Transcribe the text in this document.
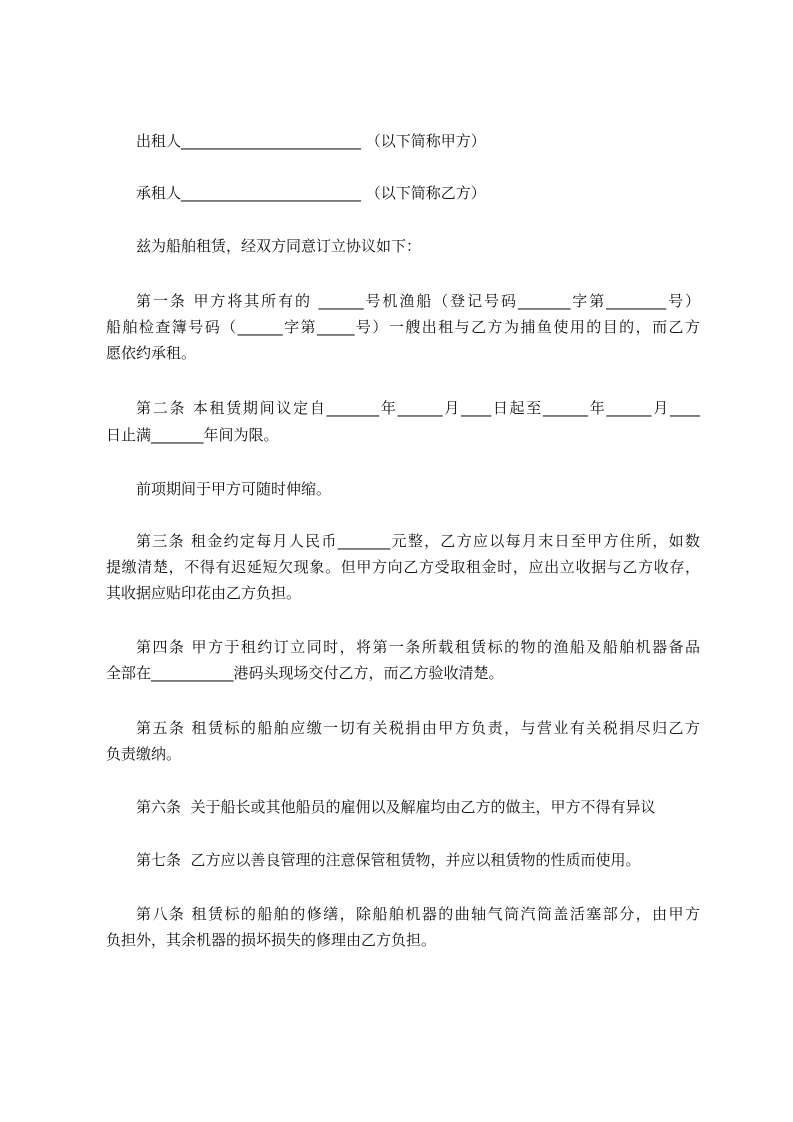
出租人________________________ （以下简称甲方）
承租人________________________ （以下简称乙方）
兹为船舶租赁，经双方同意订立协议如下：
第一条 甲方将其所有的 ______号机渔船（登记号码_______字第________号）
船舶检查簿号码（______字第_____号）一艘出租与乙方为捕鱼使用的目的，而乙方
愿依约承租。
第二条 本租赁期间议定自_______年______月____日起至______年______月____
日止满_______年间为限。
前项期间于甲方可随时伸缩。
第三条 租金约定每月人民币_______元整，乙方应以每月末日至甲方住所，如数
提缴清楚，不得有迟延短欠现象。但甲方向乙方受取租金时，应出立收据与乙方收存，
其收据应贴印花由乙方负担。
第四条 甲方于租约订立同时，将第一条所载租赁标的物的渔船及船舶机器备品
全部在___________港码头现场交付乙方，而乙方验收清楚。
第五条 租赁标的船舶应缴一切有关税捐由甲方负责，与营业有关税捐尽归乙方
负责缴纳。
第六条  关于船长或其他船员的雇佣以及解雇均由乙方的做主，甲方不得有异议
第七条  乙方应以善良管理的注意保管租赁物，并应以租赁物的性质而使用。
第八条 租赁标的船舶的修缮，除船舶机器的曲轴气筒汽筒盖活塞部分，由甲方
负担外，其余机器的损坏损失的修理由乙方负担。
